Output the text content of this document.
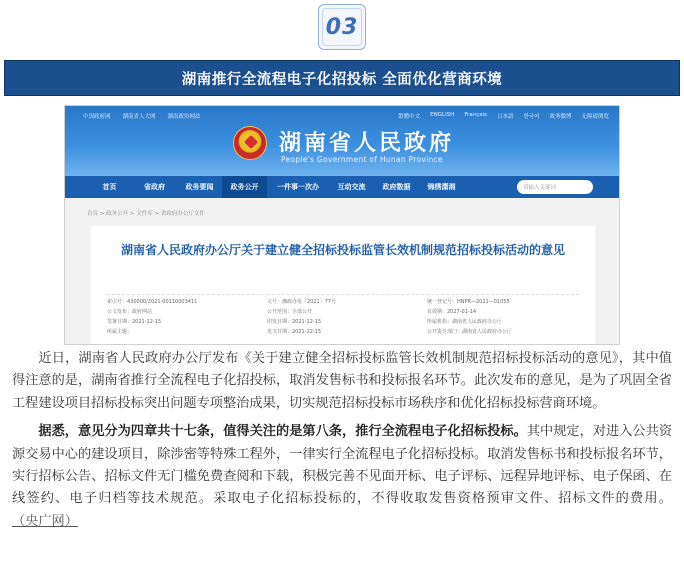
03
湖南推行全流程电子化招投标 全面优化营商环境
中国政府网 湖南省人大网 湖南政协网站	繁體中文 ENGLISH Français 日本語 한국어 政务微博 无障碍浏览
湖南省人民政府
People's Government of Hunan Province
首页	省政府	政务要闻	政务公开	一件事一次办	互动交流	政府数据	锦绣潇湘	请输入关键词
首页 > 政务公开 > 文件库 > 省政府办公厅文件
湖南省人民政府办公厅关于建立健全招标投标监管长效机制规范招标投标活动的意见
索引号：430000/2021-00110003411	文号：湘政办发〔2021〕77号	统一登记号：HNPR—2021—01055
公文发布：政府网站	公开范围：全部公开	有效期：2027-01-14
签署日期：2021-12-15	印发日期：2021-12-15	所属机构：湖南省人民政府办公厅
所属主题：	发文日期：2021-12-15	公开责任部门：湖南省人民政府办公厅

近日，湖南省人民政府办公厅发布《关于建立健全招标投标监管长效机制规范招标投标活动的意见》，其中值得注意的是，湖南省推行全流程电子化招投标，取消发售标书和投标报名环节。此次发布的意见，是为了巩固全省工程建设项目招标投标突出问题专项整治成果，切实规范招标投标市场秩序和优化招标投标营商环境。

据悉，意见分为四章共十七条，值得关注的是第八条，推行全流程电子化招标投标。其中规定，对进入公共资源交易中心的建设项目，除涉密等特殊工程外，一律实行全流程电子化招标投标。取消发售标书和投标报名环节，实行招标公告、招标文件无门槛免费查阅和下载，积极完善不见面开标、电子评标、远程异地评标、电子保函、在线签约、电子归档等技术规范。采取电子化招标投标的，不得收取发售资格预审文件、招标文件的费用。（央广网）
